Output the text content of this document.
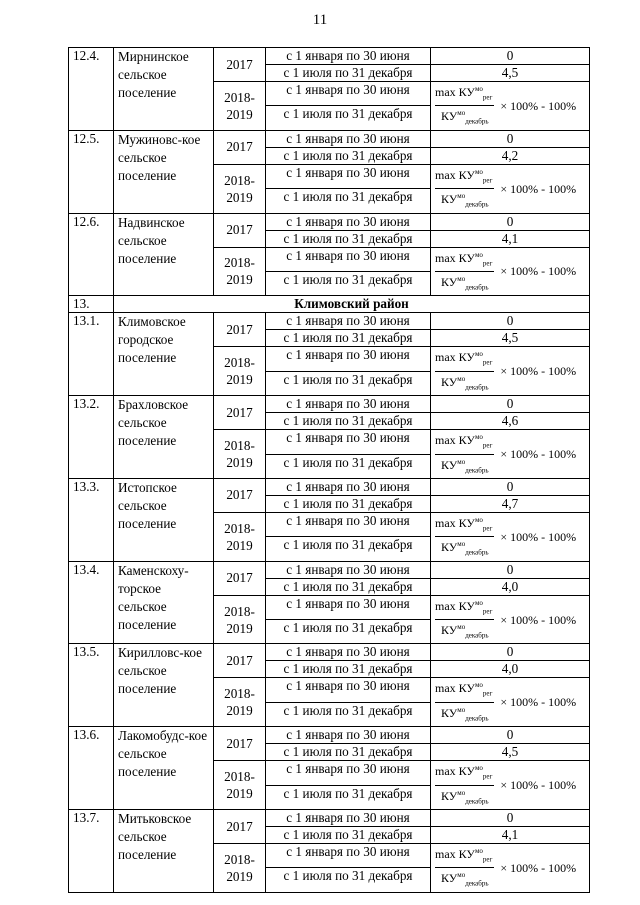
11
12.4.	Мирнинское сельское поселение	2017	с 1 января по 30 июня	0
			с 1 июля по 31 декабря	4,5
		2018-2019	с 1 января по 30 июня	$\frac{\max КУ^{мо}_{рег}}{КУ^{мо}_{декабрь}} \times 100\% - 100\%$

			с 1 июля по 31 декабря	
12.5.	Мужиновс-кое сельское поселение	2017	с 1 января по 30 июня	0
			с 1 июля по 31 декабря	4,2
		2018-2019	с 1 января по 30 июня	$\frac{\max КУ^{мо}_{рег}}{КУ^{мо}_{декабрь}} \times 100\% - 100\%$

			с 1 июля по 31 декабря	
12.6.	Надвинское сельское поселение	2017	с 1 января по 30 июня	0
			с 1 июля по 31 декабря	4,1
		2018-2019	с 1 января по 30 июня	$\frac{\max КУ^{мо}_{рег}}{КУ^{мо}_{декабрь}} \times 100\% - 100\%$

			с 1 июля по 31 декабря	
13.	Климовский район			
13.1.	Климовское городское поселение	2017	с 1 января по 30 июня	0
			с 1 июля по 31 декабря	4,5
		2018-2019	с 1 января по 30 июня	$\frac{\max КУ^{мо}_{рег}}{КУ^{мо}_{декабрь}} \times 100\% - 100\%$

			с 1 июля по 31 декабря	
13.2.	Брахловское сельское поселение	2017	с 1 января по 30 июня	0
			с 1 июля по 31 декабря	4,6
		2018-2019	с 1 января по 30 июня	$\frac{\max КУ^{мо}_{рег}}{КУ^{мо}_{декабрь}} \times 100\% - 100\%$

			с 1 июля по 31 декабря	
13.3.	Истопское сельское поселение	2017	с 1 января по 30 июня	0
			с 1 июля по 31 декабря	4,7
		2018-2019	с 1 января по 30 июня	$\frac{\max КУ^{мо}_{рег}}{КУ^{мо}_{декабрь}} \times 100\% - 100\%$

			с 1 июля по 31 декабря	
13.4.	Каменскоху-торское сельское поселение	2017	с 1 января по 30 июня	0
			с 1 июля по 31 декабря	4,0
		2018-2019	с 1 января по 30 июня	$\frac{\max КУ^{мо}_{рег}}{КУ^{мо}_{декабрь}} \times 100\% - 100\%$

			с 1 июля по 31 декабря	
13.5.	Кирилловс-кое сельское поселение	2017	с 1 января по 30 июня	0
			с 1 июля по 31 декабря	4,0
		2018-2019	с 1 января по 30 июня	$\frac{\max КУ^{мо}_{рег}}{КУ^{мо}_{декабрь}} \times 100\% - 100\%$

			с 1 июля по 31 декабря	
13.6.	Лакомобудс-кое сельское поселение	2017	с 1 января по 30 июня	0
			с 1 июля по 31 декабря	4,5
		2018-2019	с 1 января по 30 июня	$\frac{\max КУ^{мо}_{рег}}{КУ^{мо}_{декабрь}} \times 100\% - 100\%$

			с 1 июля по 31 декабря	
13.7.	Митьковское сельское поселение	2017	с 1 января по 30 июня	0
			с 1 июля по 31 декабря	4,1
		2018-2019	с 1 января по 30 июня	$\frac{\max КУ^{мо}_{рег}}{КУ^{мо}_{декабрь}} \times 100\% - 100\%$

			с 1 июля по 31 декабря	
